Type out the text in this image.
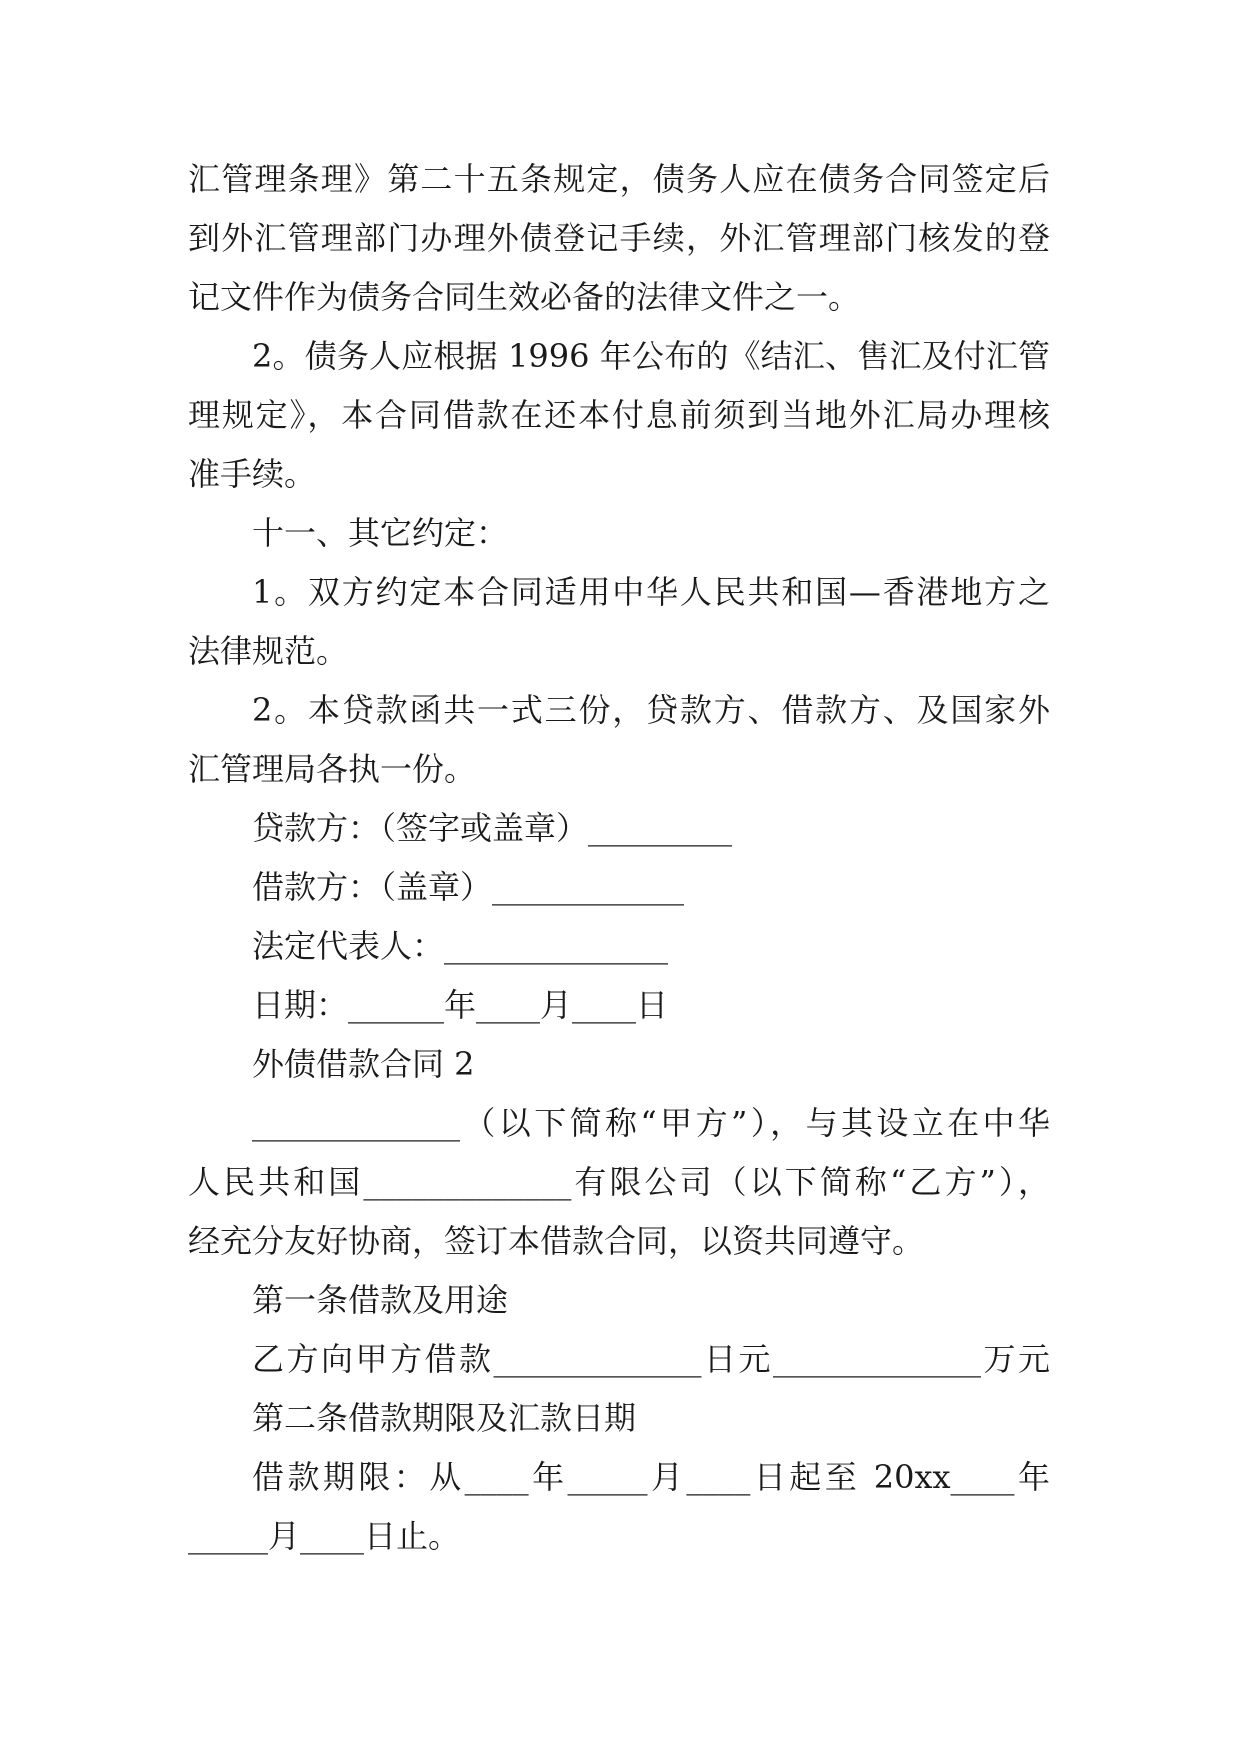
汇管理条理》第二十五条规定，债务人应在债务合同签定后
到外汇管理部门办理外债登记手续，外汇管理部门核发的登
记文件作为债务合同生效必备的法律文件之一。
2。债务人应根据 1996 年公布的《结汇、售汇及付汇管
理规定》，本合同借款在还本付息前须到当地外汇局办理核
准手续。
十一、其它约定：
1。双方约定本合同适用中华人民共和国—香港地方之
法律规范。
2。本贷款函共一式三份，贷款方、借款方、及国家外
汇管理局各执一份。
贷款方：（签字或盖章）_________
借款方：（盖章）____________
法定代表人：______________
日期：______年____月____日
外债借款合同 2
_____________（以下简称“甲方”），与其设立在中华
人民共和国_____________有限公司（以下简称“乙方”），
经充分友好协商，签订本借款合同，以资共同遵守。
第一条借款及用途
乙方向甲方借款_____________日元_____________万元
第二条借款期限及汇款日期
借款期限：从____年_____月____日起至 20xx____年
_____月____日止。
